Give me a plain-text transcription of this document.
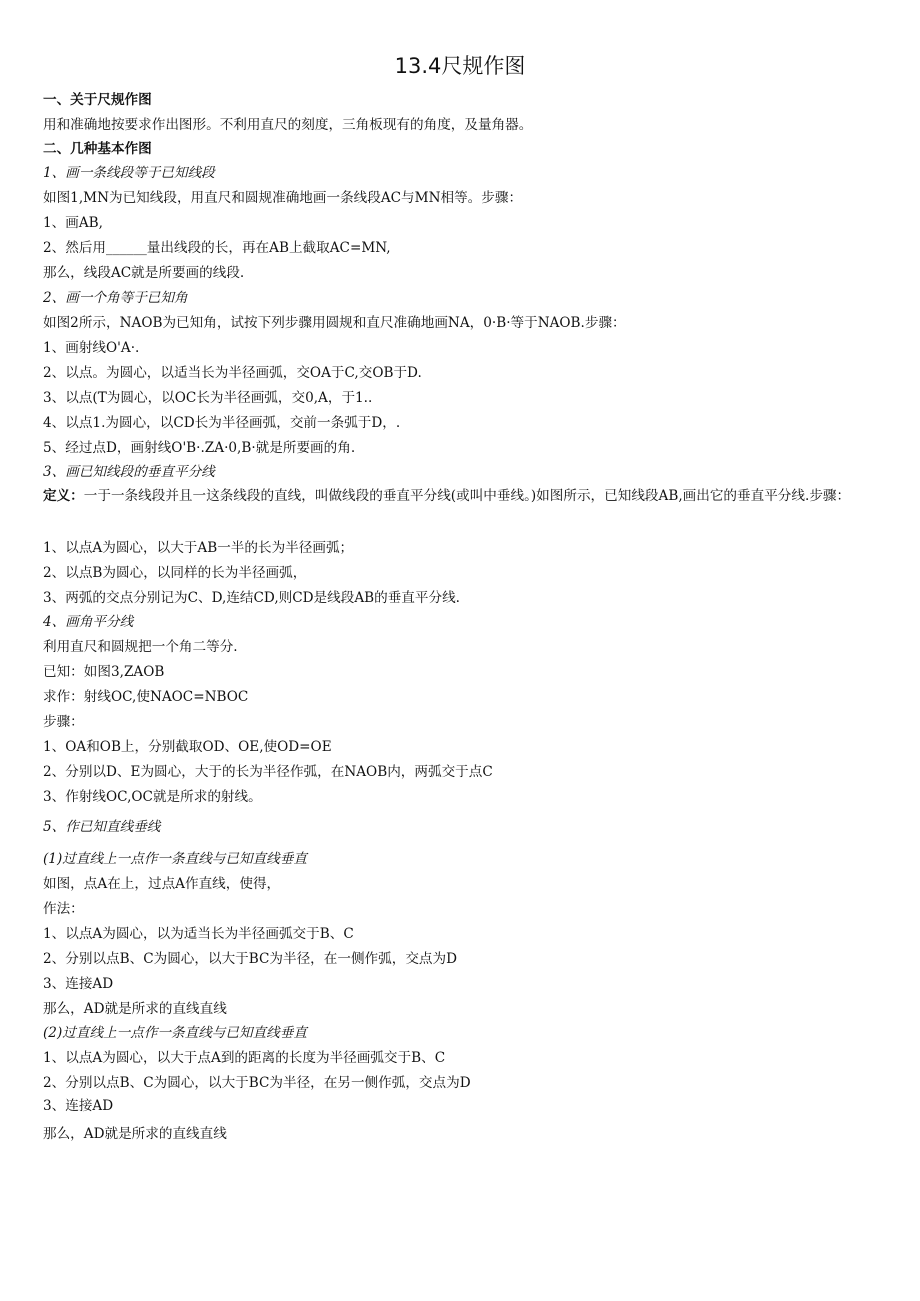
13.4尺规作图
一、关于尺规作图
用和准确地按要求作出图形。不利用直尺的刻度，三角板现有的角度，及量角器。
二、几种基本作图
1、画一条线段等于已知线段
如图1,MN为已知线段，用直尺和圆规准确地画一条线段AC与MN相等。步骤：
1、画AB,
2、然后用______量出线段的长，再在AB上截取AC=MN,
那么，线段AC就是所要画的线段.
2、画一个角等于已知角
如图2所示，NAOB为已知角，试按下列步骤用圆规和直尺准确地画NA，0·B·等于NAOB.步骤：
1、画射线O'A·.
2、以点。为圆心，以适当长为半径画弧，交OA于C,交OB于D.
3、以点(T为圆心，以OC长为半径画弧，交0,A，于1..
4、以点1.为圆心，以CD长为半径画弧，交前一条弧于D，.
5、经过点D，画射线O'B·.ZA·0,B·就是所要画的角.
3、画已知线段的垂直平分线
定义：一于一条线段并且一这条线段的直线，叫做线段的垂直平分线(或叫中垂线。)如图所示，已知线段AB,画出它的垂直平分线.步骤：
1、以点A为圆心，以大于AB一半的长为半径画弧；
2、以点B为圆心，以同样的长为半径画弧，
3、两弧的交点分别记为C、D,连结CD,则CD是线段AB的垂直平分线.
4、画角平分线
利用直尺和圆规把一个角二等分.
已知：如图3,ZAOB
求作：射线OC,使NAOC=NBOC
步骤：
1、OA和OB上，分别截取OD、OE,使OD=OE
2、分别以D、E为圆心，大于的长为半径作弧，在NAOB内，两弧交于点C
3、作射线OC,OC就是所求的射线。
5、作已知直线垂线
(1)过直线上一点作一条直线与已知直线垂直
如图，点A在上，过点A作直线，使得，
作法：
1、以点A为圆心，以为适当长为半径画弧交于B、C
2、分别以点B、C为圆心，以大于BC为半径，在一侧作弧，交点为D
3、连接AD
那么，AD就是所求的直线直线
(2)过直线上一点作一条直线与已知直线垂直
1、以点A为圆心，以大于点A到的距离的长度为半径画弧交于B、C
2、分别以点B、C为圆心，以大于BC为半径，在另一侧作弧，交点为D
3、连接AD
那么，AD就是所求的直线直线
